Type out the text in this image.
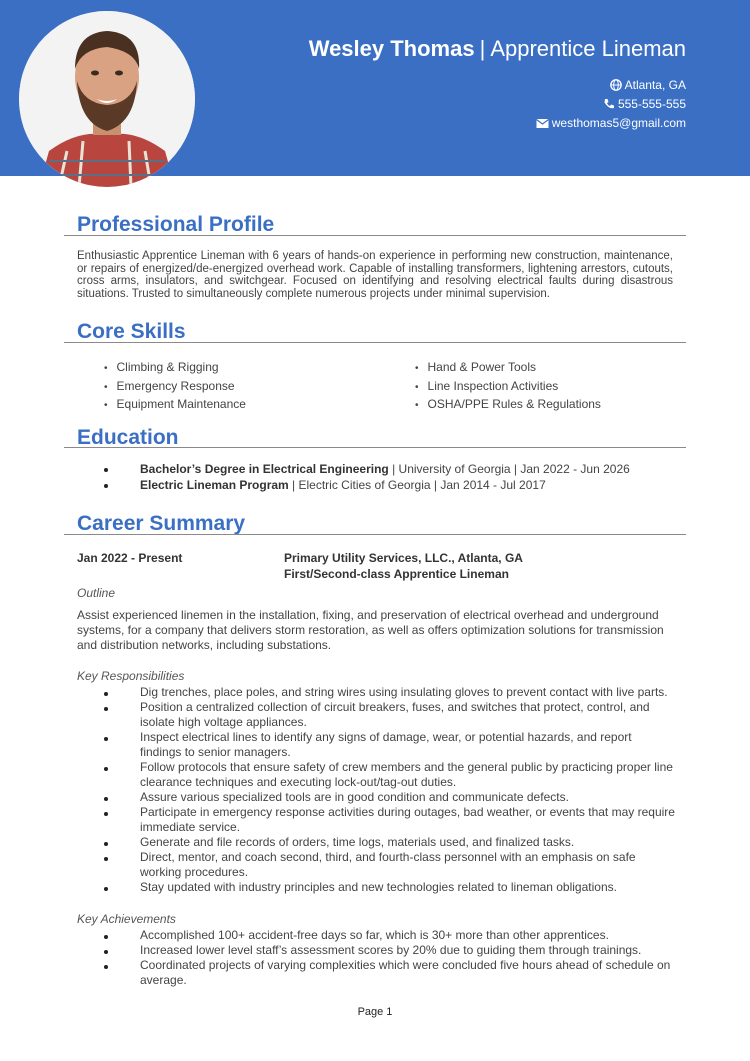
Wesley Thomas | Apprentice Lineman
Atlanta, GA
555-555-555
westhomas5@gmail.com
Professional Profile
Enthusiastic Apprentice Lineman with 6 years of hands-on experience in performing new construction, maintenance, or repairs of energized/de-energized overhead work. Capable of installing transformers, lightening arrestors, cutouts, cross arms, insulators, and switchgear. Focused on identifying and resolving electrical faults during disastrous situations. Trusted to simultaneously complete numerous projects under minimal supervision.
Core Skills
• Climbing & Rigging
• Emergency Response
• Equipment Maintenance
• Hand & Power Tools
• Line Inspection Activities
• OSHA/PPE Rules & Regulations
Education
Bachelor’s Degree in Electrical Engineering | University of Georgia | Jan 2022 - Jun 2026
Electric Lineman Program | Electric Cities of Georgia | Jan 2014 - Jul 2017
Career Summary
Jan 2022 - Present	Primary Utility Services, LLC., Atlanta, GA
First/Second-class Apprentice Lineman
Outline
Assist experienced linemen in the installation, fixing, and preservation of electrical overhead and underground systems, for a company that delivers storm restoration, as well as offers optimization solutions for transmission and distribution networks, including substations.
Key Responsibilities
Dig trenches, place poles, and string wires using insulating gloves to prevent contact with live parts.
Position a centralized collection of circuit breakers, fuses, and switches that protect, control, and isolate high voltage appliances.
Inspect electrical lines to identify any signs of damage, wear, or potential hazards, and report findings to senior managers.
Follow protocols that ensure safety of crew members and the general public by practicing proper line clearance techniques and executing lock-out/tag-out duties.
Assure various specialized tools are in good condition and communicate defects.
Participate in emergency response activities during outages, bad weather, or events that may require immediate service.
Generate and file records of orders, time logs, materials used, and finalized tasks.
Direct, mentor, and coach second, third, and fourth-class personnel with an emphasis on safe working procedures.
Stay updated with industry principles and new technologies related to lineman obligations.
Key Achievements
Accomplished 100+ accident-free days so far, which is 30+ more than other apprentices.
Increased lower level staff’s assessment scores by 20% due to guiding them through trainings.
Coordinated projects of varying complexities which were concluded five hours ahead of schedule on average.
Page 1
